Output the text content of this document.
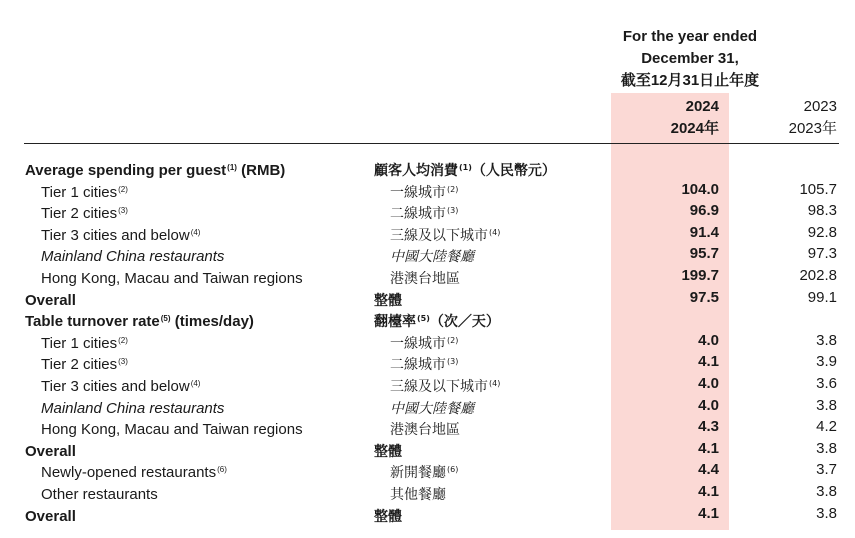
For the year ended
December 31,
截至12月31日止年度
2024
2024年
2023
2023年
Average spending per guest$^{(1)}$ (RMB)	顧客人均消費$^{(1)}$（人民幣元）
Tier 1 cities$^{(2)}$	一線城市$^{(2)}$	104.0	105.7
Tier 2 cities$^{(3)}$	二線城市$^{(3)}$	96.9	98.3
Tier 3 cities and below$^{(4)}$	三線及以下城市$^{(4)}$	91.4	92.8
Mainland China restaurants	中國大陸餐廳	95.7	97.3
Hong Kong, Macau and Taiwan regions	港澳台地區	199.7	202.8
Overall	整體	97.5	99.1
Table turnover rate$^{(5)}$ (times/day)	翻檯率$^{(5)}$（次／天）
Tier 1 cities$^{(2)}$	一線城市$^{(2)}$	4.0	3.8
Tier 2 cities$^{(3)}$	二線城市$^{(3)}$	4.1	3.9
Tier 3 cities and below$^{(4)}$	三線及以下城市$^{(4)}$	4.0	3.6
Mainland China restaurants	中國大陸餐廳	4.0	3.8
Hong Kong, Macau and Taiwan regions	港澳台地區	4.3	4.2
Overall	整體	4.1	3.8
Newly-opened restaurants$^{(6)}$	新開餐廳$^{(6)}$	4.4	3.7
Other restaurants	其他餐廳	4.1	3.8
Overall	整體	4.1	3.8
